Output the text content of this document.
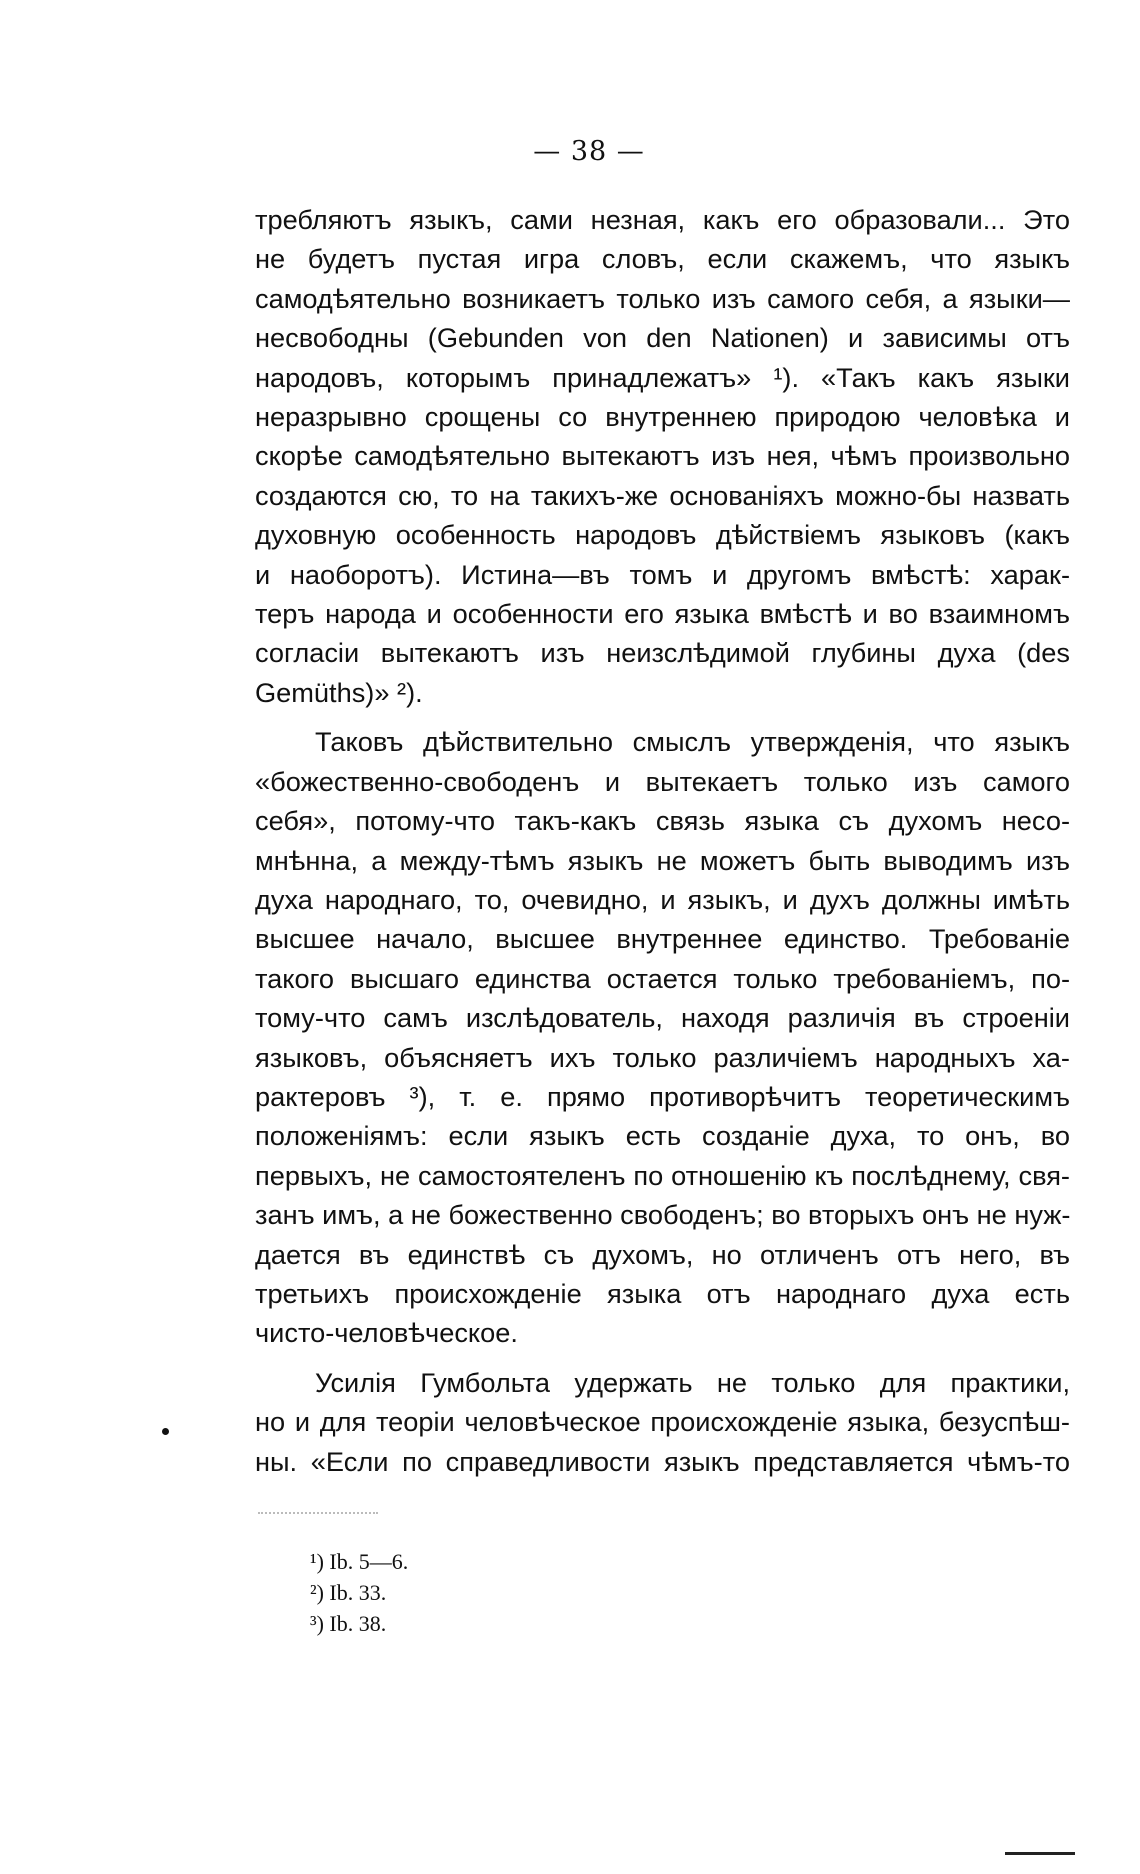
— 38 —

требляютъ языкъ, сами незная, какъ его образовали... Это
не будетъ пустая игра словъ, если скажемъ, что языкъ
самодѣятельно возникаетъ только изъ самого себя, а языки—
несвободны (Gebunden von den Nationen) и зависимы отъ
народовъ, которымъ принадлежатъ» ¹). «Такъ какъ языки
неразрывно срощены со внутреннею природою человѣка и
скорѣе самодѣятельно вытекаютъ изъ нея, чѣмъ произвольно
создаются сю, то на такихъ-же основаніяхъ можно-бы назвать
духовную особенность народовъ дѣйствіемъ языковъ (какъ
и наоборотъ). Истина—въ томъ и другомъ вмѣстѣ: харак-
теръ народа и особенности его языка вмѣстѣ и во взаимномъ
согласіи вытекаютъ изъ неизслѣдимой глубины духа (des
Gemüths)» ²).

Таковъ дѣйствительно смыслъ утвержденія, что языкъ
«божественно-свободенъ и вытекаетъ только изъ самого
себя», потому-что такъ-какъ связь языка съ духомъ несо-
мнѣнна, а между-тѣмъ языкъ не можетъ быть выводимъ изъ
духа народнаго, то, очевидно, и языкъ, и духъ должны имѣть
высшее начало, высшее внутреннее единство. Требованіе
такого высшаго единства остается только требованіемъ, по-
тому-что самъ изслѣдователь, находя различія въ строеніи
языковъ, объясняетъ ихъ только различіемъ народныхъ ха-
рактеровъ ³), т. е. прямо противорѣчитъ теоретическимъ
положеніямъ: если языкъ есть созданіе духа, то онъ, во
первыхъ, не самостоятеленъ по отношенію къ послѣднему, свя-
занъ имъ, а не божественно свободенъ; во вторыхъ онъ не нуж-
дается въ единствѣ съ духомъ, но отличенъ отъ него, въ
третьихъ происхожденіе языка отъ народнаго духа есть
чисто-человѣческое.

Усилія Гумбольта удержать не только для практики,
но и для теоріи человѣческое происхожденіе языка, безуспѣш-
ны. «Если по справедливости языкъ представляется чѣмъ-то

¹) Ib. 5—6.
²) Ib. 33.
³) Ib. 38.
